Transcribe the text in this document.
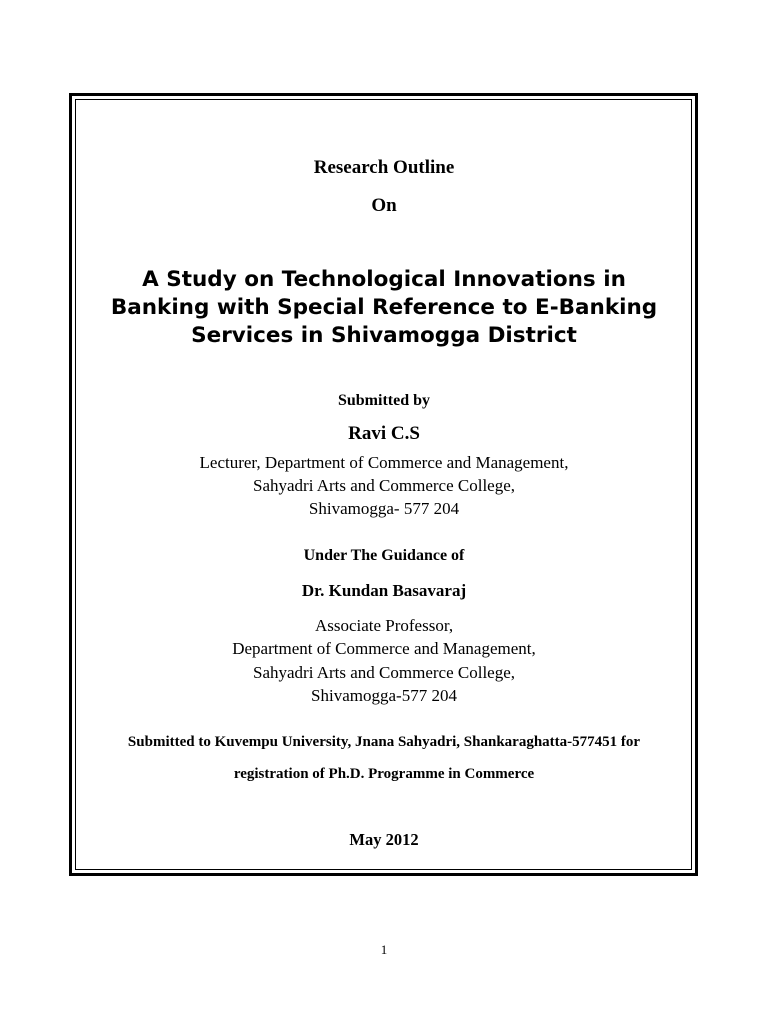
Research Outline
On
A Study on Technological Innovations in
Banking with Special Reference to E-Banking
Services in Shivamogga District
Submitted by
Ravi C.S
Lecturer, Department of Commerce and Management,
Sahyadri Arts and Commerce College,
Shivamogga- 577 204
Under The Guidance of
Dr. Kundan Basavaraj
Associate Professor,
Department of Commerce and Management,
Sahyadri Arts and Commerce College,
Shivamogga-577 204
Submitted to Kuvempu University, Jnana Sahyadri, Shankaraghatta-577451 for
registration of Ph.D. Programme in Commerce
May 2012
1
